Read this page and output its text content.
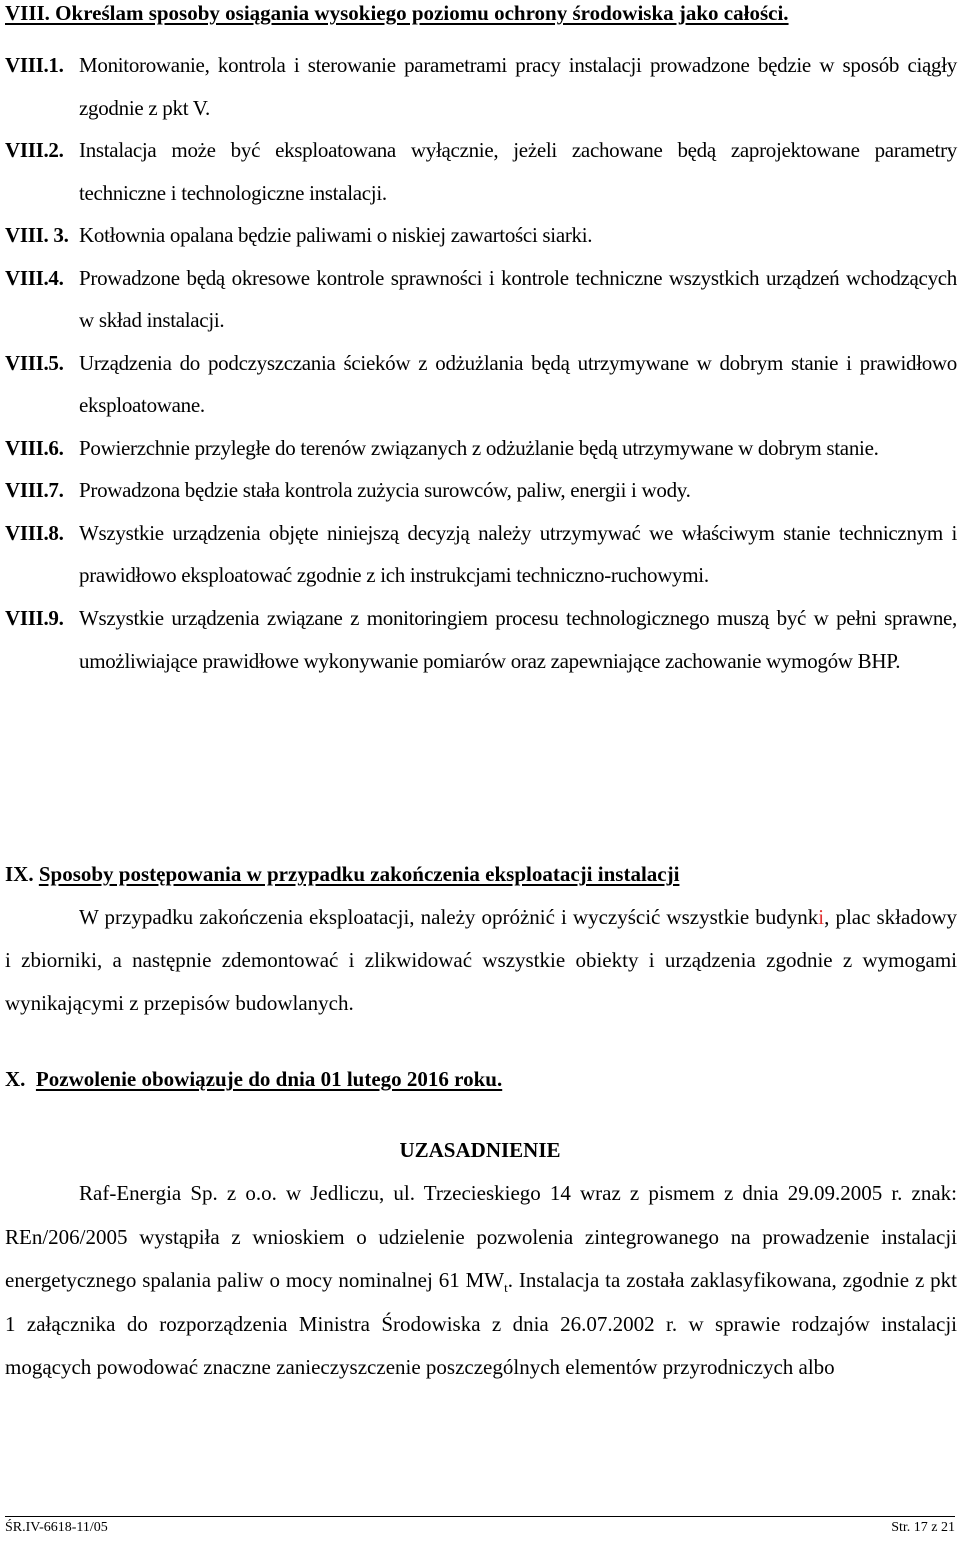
VIII. Określam sposoby osiągania wysokiego poziomu ochrony środowiska jako całości.
VIII.1. Monitorowanie, kontrola i sterowanie parametrami pracy instalacji prowadzone będzie w sposób ciągły zgodnie z pkt V.
VIII.2. Instalacja może być eksploatowana wyłącznie, jeżeli zachowane będą zaprojektowane parametry techniczne i technologiczne instalacji.
VIII. 3. Kotłownia opalana będzie paliwami o niskiej zawartości siarki.
VIII.4. Prowadzone będą okresowe kontrole sprawności i kontrole techniczne wszystkich urządzeń wchodzących w skład instalacji.
VIII.5. Urządzenia do podczyszczania ścieków z odżużlania będą utrzymywane w dobrym stanie i prawidłowo eksploatowane.
VIII.6. Powierzchnie przyległe do terenów związanych z odżużlanie będą utrzymywane w dobrym stanie.
VIII.7. Prowadzona będzie stała kontrola zużycia surowców, paliw, energii i wody.
VIII.8. Wszystkie urządzenia objęte niniejszą decyzją należy utrzymywać we właściwym stanie technicznym i prawidłowo eksploatować zgodnie z ich instrukcjami techniczno-ruchowymi.
VIII.9. Wszystkie urządzenia związane z monitoringiem procesu technologicznego muszą być w pełni sprawne, umożliwiające prawidłowe wykonywanie pomiarów oraz zapewniające zachowanie wymogów BHP.
IX. Sposoby postępowania w przypadku zakończenia eksploatacji instalacji
W przypadku zakończenia eksploatacji, należy opróżnić i wyczyścić wszystkie budynki, plac składowy i zbiorniki, a następnie zdemontować i zlikwidować wszystkie obiekty i urządzenia zgodnie z wymogami wynikającymi z przepisów budowlanych.
X. Pozwolenie obowiązuje do dnia 01 lutego 2016 roku.
UZASADNIENIE
Raf-Energia Sp. z o.o. w Jedliczu, ul. Trzecieskiego 14 wraz z pismem z dnia 29.09.2005 r. znak: REn/206/2005 wystąpiła z wnioskiem o udzielenie pozwolenia zintegrowanego na prowadzenie instalacji energetycznego spalania paliw o mocy nominalnej 61 $MW_t$. Instalacja ta została zaklasyfikowana, zgodnie z pkt 1 załącznika do rozporządzenia Ministra Środowiska z dnia 26.07.2002 r. w sprawie rodzajów instalacji mogących powodować znaczne zanieczyszczenie poszczególnych elementów przyrodniczych albo
ŚR.IV-6618-11/05	Str. 17 z 21
